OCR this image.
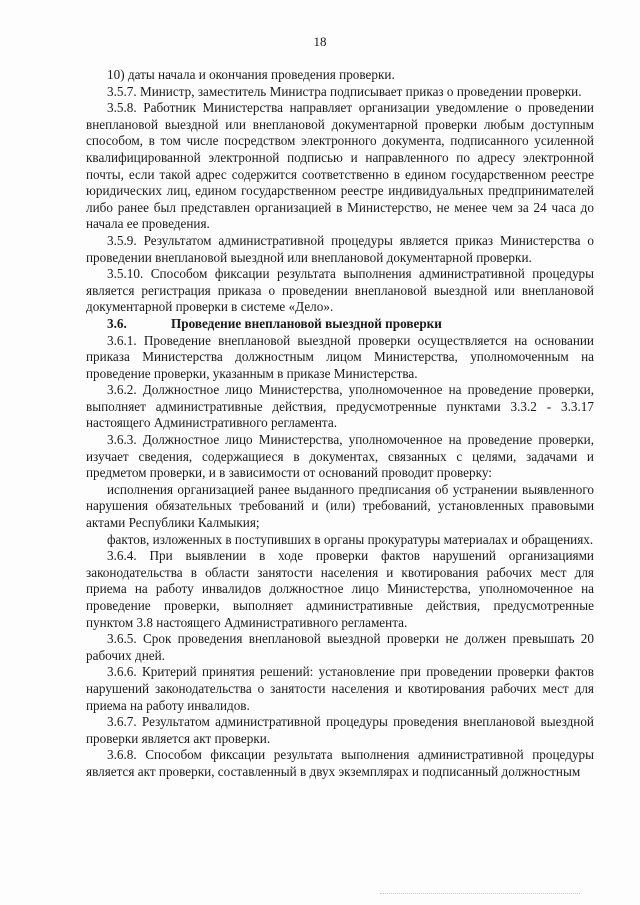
18

10) даты начала и окончания проведения проверки.

3.5.7. Министр, заместитель Министра подписывает приказ о проведении проверки.

3.5.8. Работник Министерства направляет организации уведомление о проведении внеплановой выездной или внеплановой документарной проверки любым доступным способом, в том числе посредством электронного документа, подписанного усиленной квалифицированной электронной подписью и направленного по адресу электронной почты, если такой адрес содержится соответственно в едином государственном реестре юридических лиц, едином государственном реестре индивидуальных предпринимателей либо ранее был представлен организацией в Министерство, не менее чем за 24 часа до начала ее проведения.

3.5.9. Результатом административной процедуры является приказ Министерства о проведении внеплановой выездной или внеплановой документарной проверки.

3.5.10. Способом фиксации результата выполнения административной процедуры является регистрация приказа о проведении внеплановой выездной или внеплановой документарной проверки в системе «Дело».

3.6.	Проведение внеплановой выездной проверки

3.6.1. Проведение внеплановой выездной проверки осуществляется на основании приказа Министерства должностным лицом Министерства, уполномоченным на проведение проверки, указанным в приказе Министерства.

3.6.2. Должностное лицо Министерства, уполномоченное на проведение проверки, выполняет административные действия, предусмотренные пунктами 3.3.2 - 3.3.17 настоящего Административного регламента.

3.6.3. Должностное лицо Министерства, уполномоченное на проведение проверки, изучает сведения, содержащиеся в документах, связанных с целями, задачами и предметом проверки, и в зависимости от оснований проводит проверку:

исполнения организацией ранее выданного предписания об устранении выявленного нарушения обязательных требований и (или) требований, установленных правовыми актами Республики Калмыкия;

фактов, изложенных в поступивших в органы прокуратуры материалах и обращениях.

3.6.4. При выявлении в ходе проверки фактов нарушений организациями законодательства в области занятости населения и квотирования рабочих мест для приема на работу инвалидов должностное лицо Министерства, уполномоченное на проведение проверки, выполняет административные действия, предусмотренные пунктом 3.8 настоящего Административного регламента.

3.6.5. Срок проведения внеплановой выездной проверки не должен превышать 20 рабочих дней.

3.6.6. Критерий принятия решений: установление при проведении проверки фактов нарушений законодательства о занятости населения и квотирования рабочих мест для приема на работу инвалидов.

3.6.7. Результатом административной процедуры проведения внеплановой выездной проверки является акт проверки.

3.6.8. Способом фиксации результата выполнения административной процедуры является акт проверки, составленный в двух экземплярах и подписанный должностным
